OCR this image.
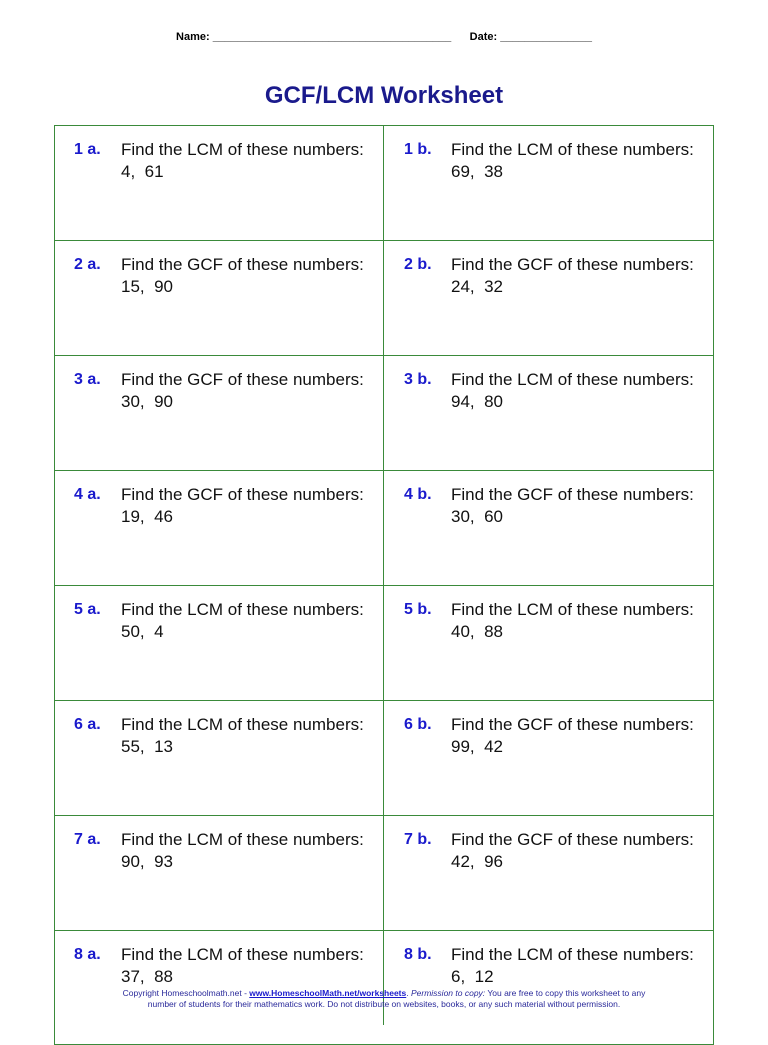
Name: _______________________________________ Date: _______________
GCF/LCM Worksheet
1 a. Find the LCM of these numbers:
4,  61
1 b. Find the LCM of these numbers:
69,  38
2 a. Find the GCF of these numbers:
15,  90
2 b. Find the GCF of these numbers:
24,  32
3 a. Find the GCF of these numbers:
30,  90
3 b. Find the LCM of these numbers:
94,  80
4 a. Find the GCF of these numbers:
19,  46
4 b. Find the GCF of these numbers:
30,  60
5 a. Find the LCM of these numbers:
50,  4
5 b. Find the LCM of these numbers:
40,  88
6 a. Find the LCM of these numbers:
55,  13
6 b. Find the GCF of these numbers:
99,  42
7 a. Find the LCM of these numbers:
90,  93
7 b. Find the GCF of these numbers:
42,  96
8 a. Find the LCM of these numbers:
37,  88
8 b. Find the LCM of these numbers:
6,  12
Copyright Homeschoolmath.net - www.HomeschoolMath.net/worksheets. Permission to copy: You are free to copy this worksheet to any
number of students for their mathematics work. Do not distribute on websites, books, or any such material without permission.
